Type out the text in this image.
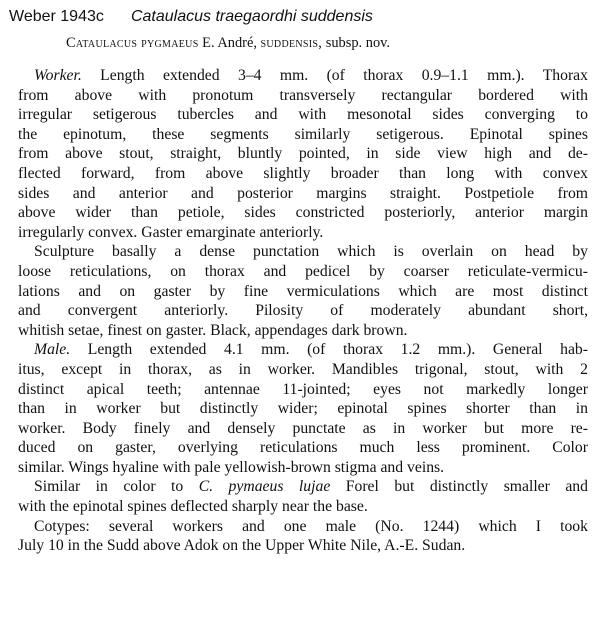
Weber 1943c Cataulacus traegaordhi suddensis
Cataulacus pygmaeus E. André, suddensis, subsp. nov.
Worker. Length extended 3–4 mm. (of thorax 0.9–1.1 mm.). Thorax
from above with pronotum transversely rectangular bordered with
irregular setigerous tubercles and with mesonotal sides converging to
the epinotum, these segments similarly setigerous. Epinotal spines
from above stout, straight, bluntly pointed, in side view high and de-
flected forward, from above slightly broader than long with convex
sides and anterior and posterior margins straight. Postpetiole from
above wider than petiole, sides constricted posteriorly, anterior margin
irregularly convex. Gaster emarginate anteriorly.
Sculpture basally a dense punctation which is overlain on head by
loose reticulations, on thorax and pedicel by coarser reticulate-vermicu-
lations and on gaster by fine vermiculations which are most distinct
and convergent anteriorly. Pilosity of moderately abundant short,
whitish setae, finest on gaster. Black, appendages dark brown.
Male. Length extended 4.1 mm. (of thorax 1.2 mm.). General hab-
itus, except in thorax, as in worker. Mandibles trigonal, stout, with 2
distinct apical teeth; antennae 11-jointed; eyes not markedly longer
than in worker but distinctly wider; epinotal spines shorter than in
worker. Body finely and densely punctate as in worker but more re-
duced on gaster, overlying reticulations much less prominent. Color
similar. Wings hyaline with pale yellowish-brown stigma and veins.
Similar in color to C. pymaeus lujae Forel but distinctly smaller and
with the epinotal spines deflected sharply near the base.
Cotypes: several workers and one male (No. 1244) which I took
July 10 in the Sudd above Adok on the Upper White Nile, A.-E. Sudan.
